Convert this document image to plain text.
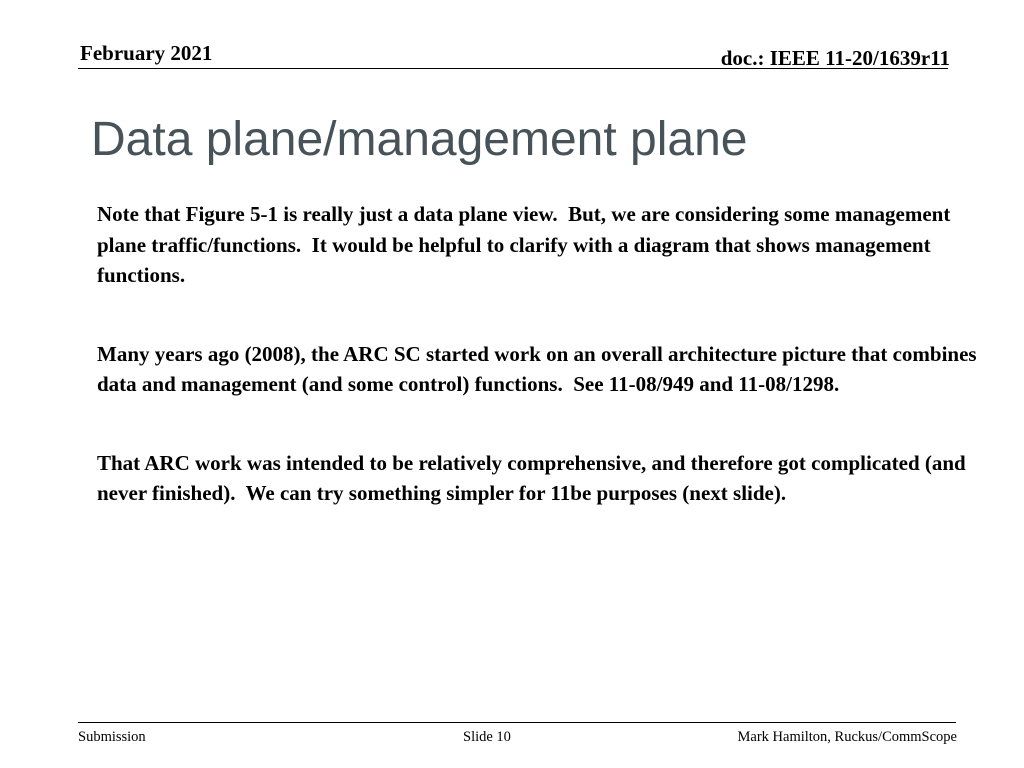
February 2021	doc.: IEEE 11-20/1639r11
Data plane/management plane

Note that Figure 5-1 is really just a data plane view.  But, we are considering some management plane traffic/functions.  It would be helpful to clarify with a diagram that shows management functions.

Many years ago (2008), the ARC SC started work on an overall architecture picture that combines data and management (and some control) functions.  See 11-08/949 and 11-08/1298.

That ARC work was intended to be relatively comprehensive, and therefore got complicated (and never finished).  We can try something simpler for 11be purposes (next slide).

Submission	Slide 10	Mark Hamilton, Ruckus/CommScope
